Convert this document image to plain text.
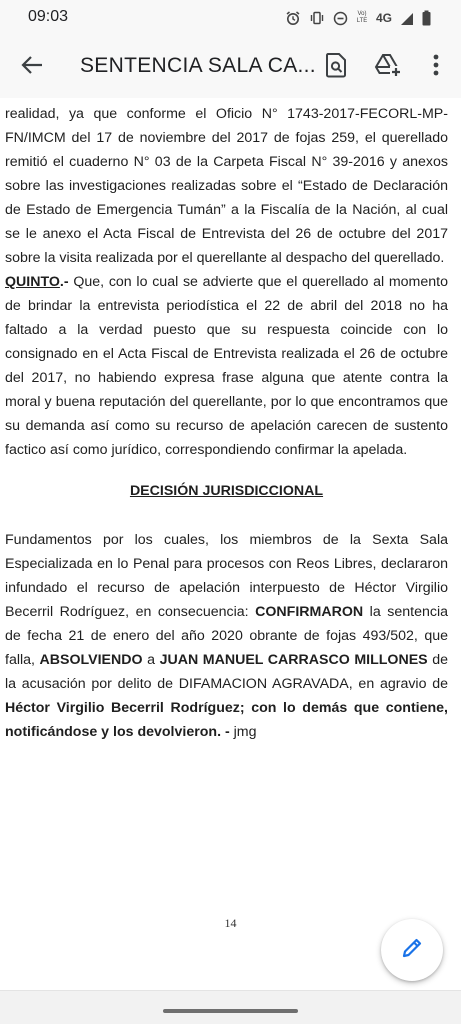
09:03	Vo) LTE 4G
SENTENCIA SALA CA...

realidad, ya que conforme el Oficio N° 1743-2017-FECORL-MP-FN/IMCM del 17 de noviembre del 2017 de fojas 259, el querellado remitió el cuaderno N° 03 de la Carpeta Fiscal N° 39-2016 y anexos sobre las investigaciones realizadas sobre el “Estado de Declaración de Estado de Emergencia Tumán” a la Fiscalía de la Nación, al cual se le anexo el Acta Fiscal de Entrevista del 26 de octubre del 2017 sobre la visita realizada por el querellante al despacho del querellado.

QUINTO.- Que, con lo cual se advierte que el querellado al momento de brindar la entrevista periodística el 22 de abril del 2018 no ha faltado a la verdad puesto que su respuesta coincide con lo consignado en el Acta Fiscal de Entrevista realizada el 26 de octubre del 2017, no habiendo expresa frase alguna que atente contra la moral y buena reputación del querellante, por lo que encontramos que su demanda así como su recurso de apelación carecen de sustento factico así como jurídico, correspondiendo confirmar la apelada.

DECISIÓN JURISDICCIONAL

Fundamentos por los cuales, los miembros de la Sexta Sala Especializada en lo Penal para procesos con Reos Libres, declararon infundado el recurso de apelación interpuesto de Héctor Virgilio Becerril Rodríguez, en consecuencia: CONFIRMARON la sentencia de fecha 21 de enero del año 2020 obrante de fojas 493/502, que falla, ABSOLVIENDO a JUAN MANUEL CARRASCO MILLONES de la acusación por delito de DIFAMACION AGRAVADA, en agravio de Héctor Virgilio Becerril Rodríguez; con lo demás que contiene, notificándose y los devolvieron. - jmg

14
